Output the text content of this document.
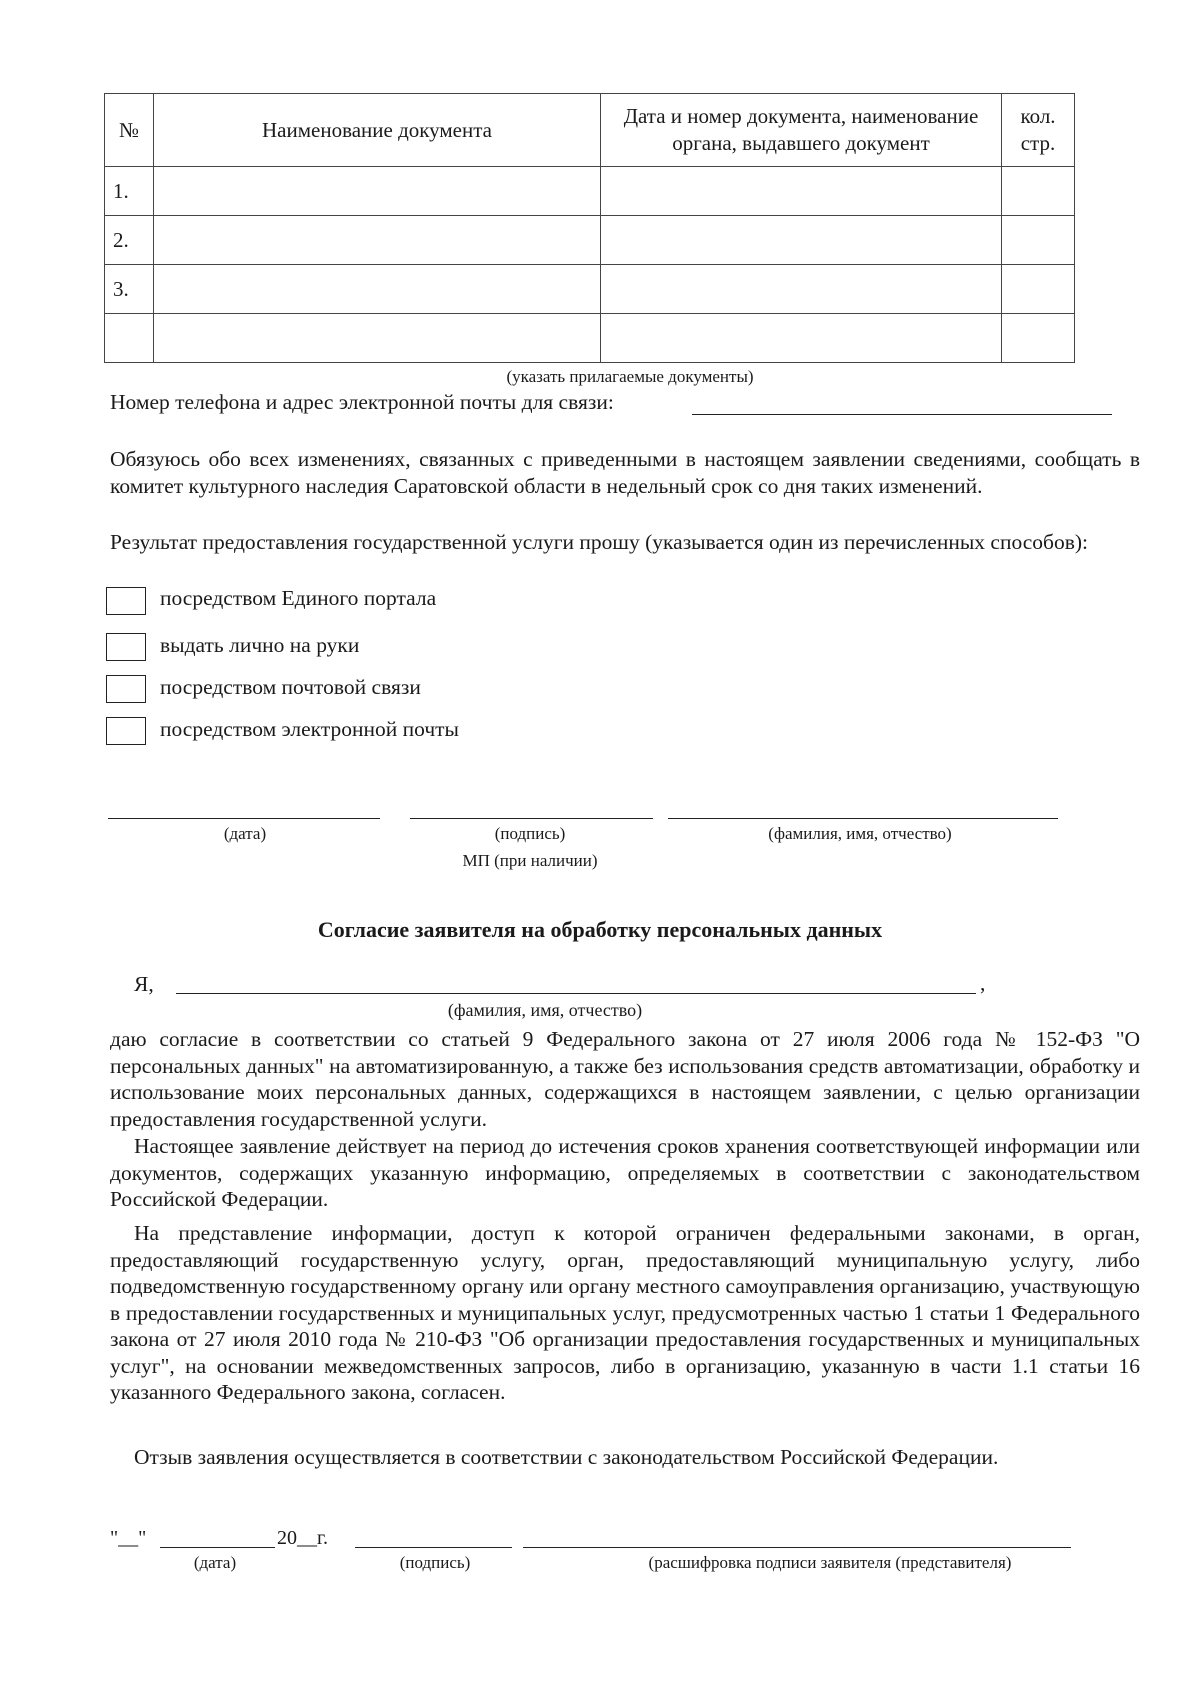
№	Наименование документа	Дата и номер документа, наименование органа, выдавшего документ	кол. стр.
1.			
2.			
3.			

(указать прилагаемые документы)
Номер телефона и адрес электронной почты для связи:
Обязуюсь обо всех изменениях, связанных с приведенными в настоящем заявлении сведениями, сообщать в комитет культурного наследия Саратовской области в недельный срок со дня таких изменений.
Результат предоставления государственной услуги прошу (указывается один из перечисленных способов):
посредством Единого портала
выдать лично на руки
посредством почтовой связи
посредством электронной почты
(дата)	(подпись)	(фамилия, имя, отчество)
МП (при наличии)
Согласие заявителя на обработку персональных данных
Я,	,
(фамилия, имя, отчество)
даю согласие в соответствии со статьей 9 Федерального закона от 27 июля 2006 года № 152-ФЗ "О персональных данных" на автоматизированную, а также без использования средств автоматизации, обработку и использование моих персональных данных, содержащихся в настоящем заявлении, с целью организации предоставления государственной услуги.
Настоящее заявление действует на период до истечения сроков хранения соответствующей информации или документов, содержащих указанную информацию, определяемых в соответствии с законодательством Российской Федерации.
На представление информации, доступ к которой ограничен федеральными законами, в орган, предоставляющий государственную услугу, орган, предоставляющий муниципальную услугу, либо подведомственную государственному органу или органу местного самоуправления организацию, участвующую в предоставлении государственных и муниципальных услуг, предусмотренных частью 1 статьи 1 Федерального закона от 27 июля 2010 года № 210-ФЗ "Об организации предоставления государственных и муниципальных услуг", на основании межведомственных запросов, либо в организацию, указанную в части 1.1 статьи 16 указанного Федерального закона, согласен.
Отзыв заявления осуществляется в соответствии с законодательством Российской Федерации.
"__"	20__г.
(дата)	(подпись)	(расшифровка подписи заявителя (представителя)
